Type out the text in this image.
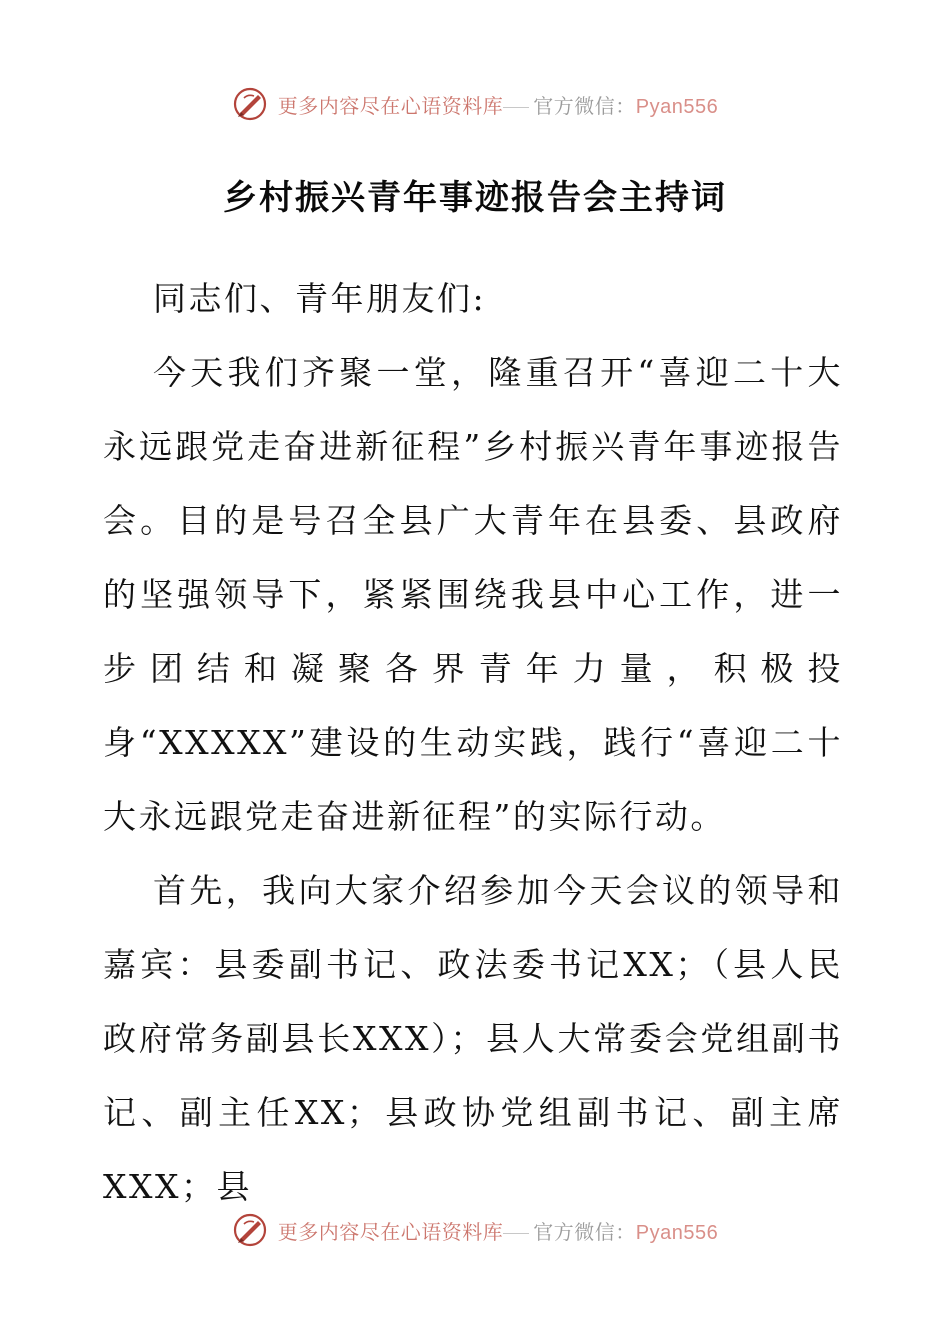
更多内容尽在心语资料库 官方微信：Pyan556
乡村振兴青年事迹报告会主持词

同志们、青年朋友们:

今天我们齐聚一堂，隆重召开“喜迎二十大永远跟党走奋进新征程”乡村振兴青年事迹报告会。目的是号召全县广大青年在县委、县政府的坚强领导下，紧紧围绕我县中心工作，进一步团结和凝聚各界青年力量，积极投身“XXXXX”建设的生动实践，践行“喜迎二十大永远跟党走奋进新征程”的实际行动。

首先，我向大家介绍参加今天会议的领导和嘉宾：县委副书记、政法委书记XX；（县人民政府常务副县长XXX）；县人大常委会党组副书记、副主任XX；县政协党组副书记、副主席XXX；县

更多内容尽在心语资料库 官方微信：Pyan556
